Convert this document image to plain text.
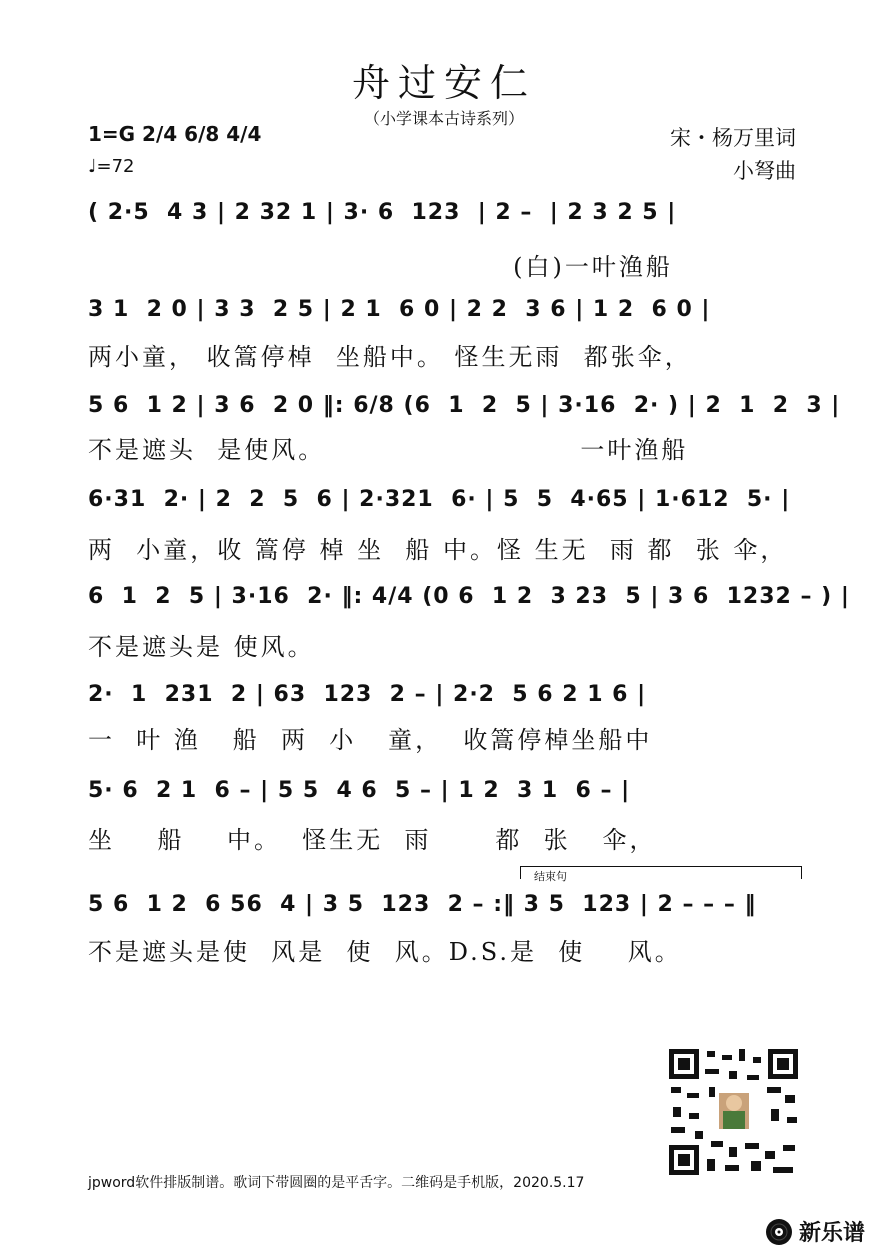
舟过安仁
（小学课本古诗系列）
1=G 2/4 6/8 4/4
♩=72
宋・杨万里词
小弩曲
( 2·5  4 3 | 2 32 1 | 3· 6  123  | 2 –  | 2 3 2 5 |
(白)一叶渔船
3 1  2 0 | 3 3  2 5 | 2 1  6 0 | 2 2  3 6 | 1 2  6 0 |
两小童， 收篙停棹  坐船中。 怪生无雨  都张伞，
5 6  1 2 | 3 6  2 0 ‖: 6/8 (6  1  2  5 | 3·16  2· ) | 2  1  2  3 |
不是遮头  是使风。                        一叶渔船
6·31  2· | 2  2  5  6 | 2·321  6· | 5  5  4·65 | 1·612  5· |
两  小童，收 篙停 棹 坐  船 中。怪 生无  雨 都  张 伞，
6  1  2  5 | 3·16  2· ‖: 4/4 (0 6  1 2  3 23  5 | 3 6  1232 – ) |
不是遮头是 使风。
2·  1  231  2 | 63  123  2 – | 2·2  5 6 2 1 6 |
一  叶 渔   船  两  小   童，  收篙停棹坐船中
5· 6  2 1  6 – | 5 5  4 6  5 – | 1 2  3 1  6 – |
坐    船    中。  怪生无  雨      都  张   伞，
结束句
5 6  1 2  6 56  4 | 3 5  123  2 – :‖ 3 5  123 | 2 – – – ‖
不是遮头是使  风是  使  风。D.S.是  使    风。
jpword软件排版制谱。歌词下带圆圈的是平舌字。二维码是手机版，2020.5.17
新乐谱
